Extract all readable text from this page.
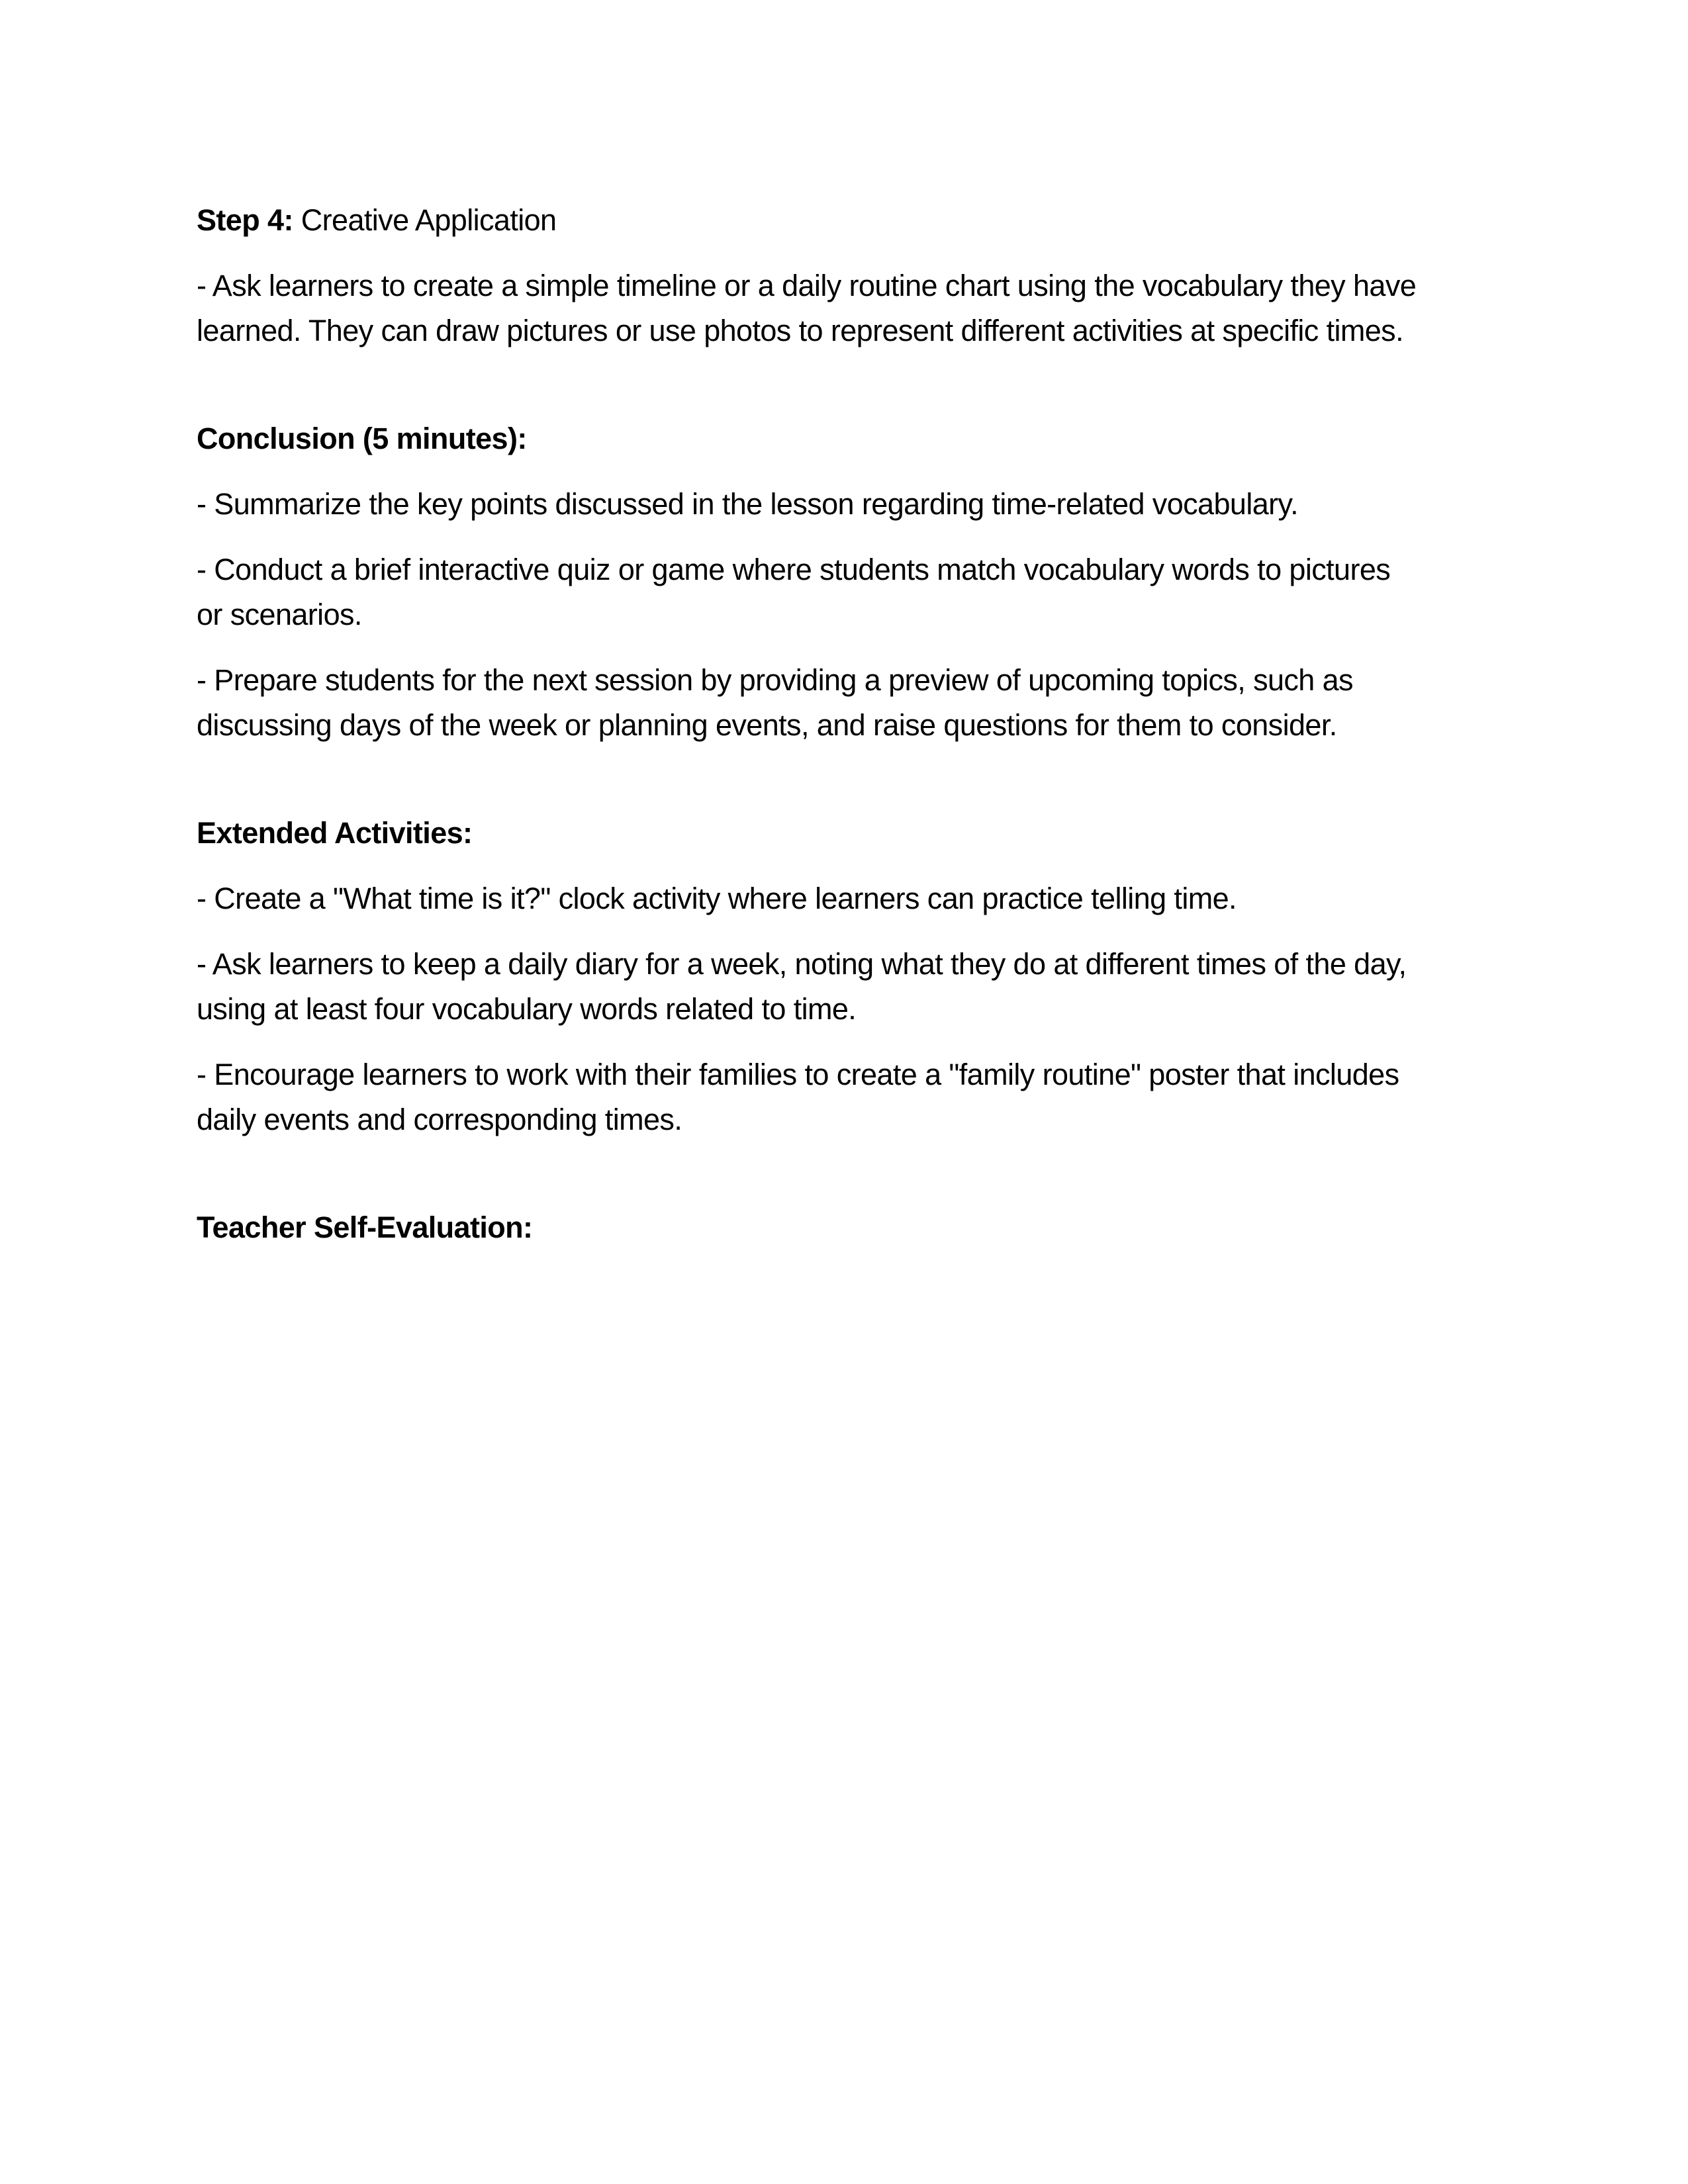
Step 4: Creative Application

- Ask learners to create a simple timeline or a daily routine chart using the vocabulary they have
learned. They can draw pictures or use photos to represent different activities at specific times.

Conclusion (5 minutes):

- Summarize the key points discussed in the lesson regarding time-related vocabulary.

- Conduct a brief interactive quiz or game where students match vocabulary words to pictures
or scenarios.

- Prepare students for the next session by providing a preview of upcoming topics, such as
discussing days of the week or planning events, and raise questions for them to consider.

Extended Activities:

- Create a "What time is it?" clock activity where learners can practice telling time.

- Ask learners to keep a daily diary for a week, noting what they do at different times of the day,
using at least four vocabulary words related to time.

- Encourage learners to work with their families to create a "family routine" poster that includes
daily events and corresponding times.

Teacher Self-Evaluation:
